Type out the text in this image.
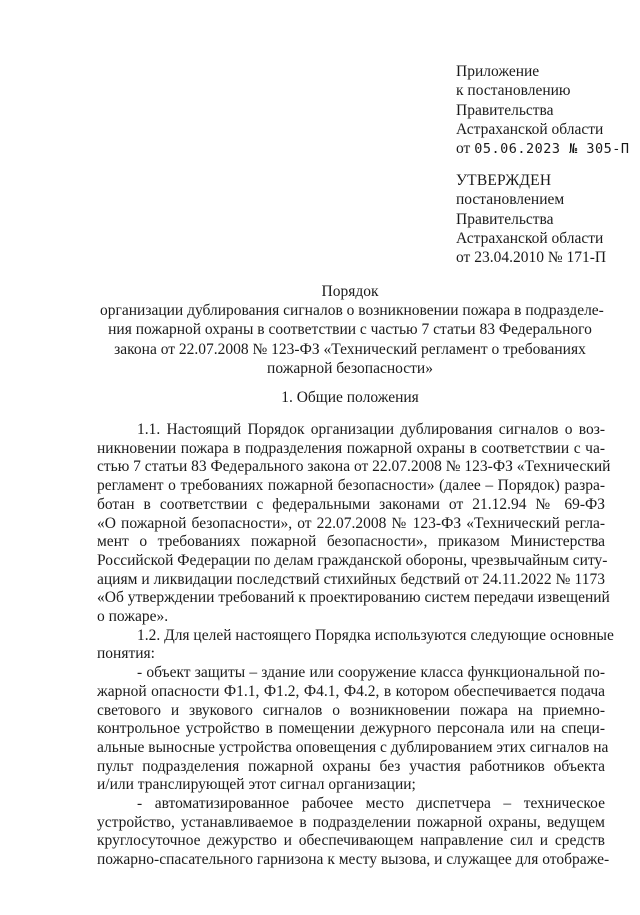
Приложение
к постановлению
Правительства
Астраханской области
от 05.06.2023 № 305-П
УТВЕРЖДЕН
постановлением
Правительства
Астраханской области
от 23.04.2010 № 171-П
Порядок
организации дублирования сигналов о возникновении пожара в подразделе-
ния пожарной охраны в соответствии с частью 7 статьи 83 Федерального
закона от 22.07.2008 № 123-ФЗ «Технический регламент о требованиях
пожарной безопасности»
1. Общие положения
1.1. Настоящий Порядок организации дублирования сигналов о воз-
никновении пожара в подразделения пожарной охраны в соответствии с ча-
стью 7 статьи 83 Федерального закона от 22.07.2008 № 123-ФЗ «Технический
регламент о требованиях пожарной безопасности» (далее – Порядок) разра-
ботан в соответствии с федеральными законами от 21.12.94 № 69-ФЗ
«О пожарной безопасности», от 22.07.2008 № 123-ФЗ «Технический регла-
мент о требованиях пожарной безопасности», приказом Министерства
Российской Федерации по делам гражданской обороны, чрезвычайным ситу-
ациям и ликвидации последствий стихийных бедствий от 24.11.2022 № 1173
«Об утверждении требований к проектированию систем передачи извещений
о пожаре».
1.2. Для целей настоящего Порядка используются следующие основные
понятия:
- объект защиты – здание или сооружение класса функциональной по-
жарной опасности Ф1.1, Ф1.2, Ф4.1, Ф4.2, в котором обеспечивается подача
светового и звукового сигналов о возникновении пожара на приемно-
контрольное устройство в помещении дежурного персонала или на специ-
альные выносные устройства оповещения с дублированием этих сигналов на
пульт подразделения пожарной охраны без участия работников объекта
и/или транслирующей этот сигнал организации;
- автоматизированное рабочее место диспетчера – техническое
устройство, устанавливаемое в подразделении пожарной охраны, ведущем
круглосуточное дежурство и обеспечивающем направление сил и средств
пожарно-спасательного гарнизона к месту вызова, и служащее для отображе-
